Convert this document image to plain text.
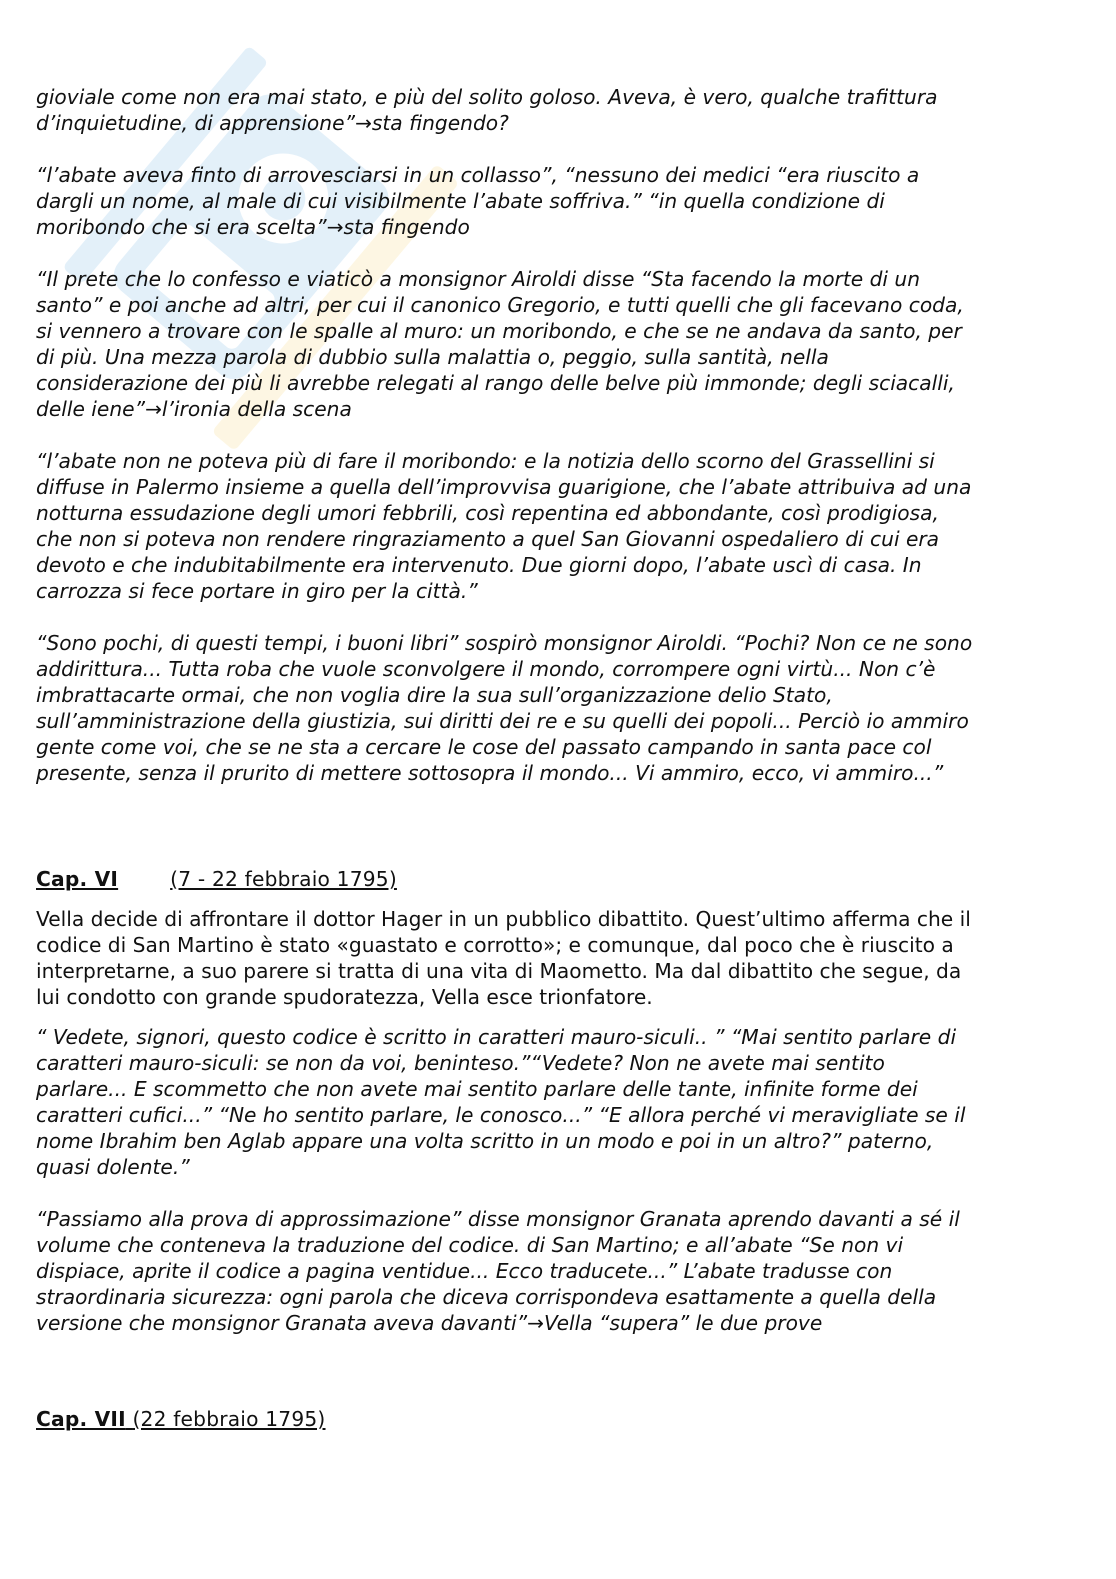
gioviale come non era mai stato, e più del solito goloso. Aveva, è vero, qualche trafittura
d’inquietudine, di apprensione”→sta fingendo?

“l’abate aveva finto di arrovesciarsi in un collasso”, “nessuno dei medici “era riuscito a
dargli un nome, al male di cui visibilmente l’abate soffriva.” “in quella condizione di
moribondo che si era scelta”→sta fingendo

“Il prete che lo confesso e viaticò a monsignor Airoldi disse “Sta facendo la morte di un
santo” e poi anche ad altri, per cui il canonico Gregorio, e tutti quelli che gli facevano coda,
si vennero a trovare con le spalle al muro: un moribondo, e che se ne andava da santo, per
di più. Una mezza parola di dubbio sulla malattia o, peggio, sulla santità, nella
considerazione dei più li avrebbe relegati al rango delle belve più immonde; degli sciacalli,
delle iene”→l’ironia della scena

“l’abate non ne poteva più di fare il moribondo: e la notizia dello scorno del Grassellini si
diffuse in Palermo insieme a quella dell’improvvisa guarigione, che l’abate attribuiva ad una
notturna essudazione degli umori febbrili, così repentina ed abbondante, così prodigiosa,
che non si poteva non rendere ringraziamento a quel San Giovanni ospedaliero di cui era
devoto e che indubitabilmente era intervenuto. Due giorni dopo, l’abate uscì di casa. In
carrozza si fece portare in giro per la città.”

“Sono pochi, di questi tempi, i buoni libri” sospirò monsignor Airoldi. “Pochi? Non ce ne sono
addirittura... Tutta roba che vuole sconvolgere il mondo, corrompere ogni virtù... Non c’è
imbrattacarte ormai, che non voglia dire la sua sull’organizzazione delio Stato,
sull’amministrazione della giustizia, sui diritti dei re e su quelli dei popoli... Perciò io ammiro
gente come voi, che se ne sta a cercare le cose del passato campando in santa pace col
presente, senza il prurito di mettere sottosopra il mondo... Vi ammiro, ecco, vi ammiro...”

Cap. VI	(7 - 22 febbraio 1795)

Vella decide di affrontare il dottor Hager in un pubblico dibattito. Quest’ultimo afferma che il
codice di San Martino è stato «guastato e corrotto»; e comunque, dal poco che è riuscito a
interpretarne, a suo parere si tratta di una vita di Maometto. Ma dal dibattito che segue, da
lui condotto con grande spudoratezza, Vella esce trionfatore.

“ Vedete, signori, questo codice è scritto in caratteri mauro-siculi.. ” “Mai sentito parlare di
caratteri mauro-siculi: se non da voi, beninteso.”“Vedete? Non ne avete mai sentito
parlare... E scommetto che non avete mai sentito parlare delle tante, infinite forme dei
caratteri cufici...” “Ne ho sentito parlare, le conosco...” “E allora perché vi meravigliate se il
nome Ibrahim ben Aglab appare una volta scritto in un modo e poi in un altro?” paterno,
quasi dolente.”

“Passiamo alla prova di approssimazione” disse monsignor Granata aprendo davanti a sé il
volume che conteneva la traduzione del codice. di San Martino; e all’abate “Se non vi
dispiace, aprite il codice a pagina ventidue... Ecco traducete...” L’abate tradusse con
straordinaria sicurezza: ogni parola che diceva corrispondeva esattamente a quella della
versione che monsignor Granata aveva davanti”→Vella “supera” le due prove

Cap. VII (22 febbraio 1795)
